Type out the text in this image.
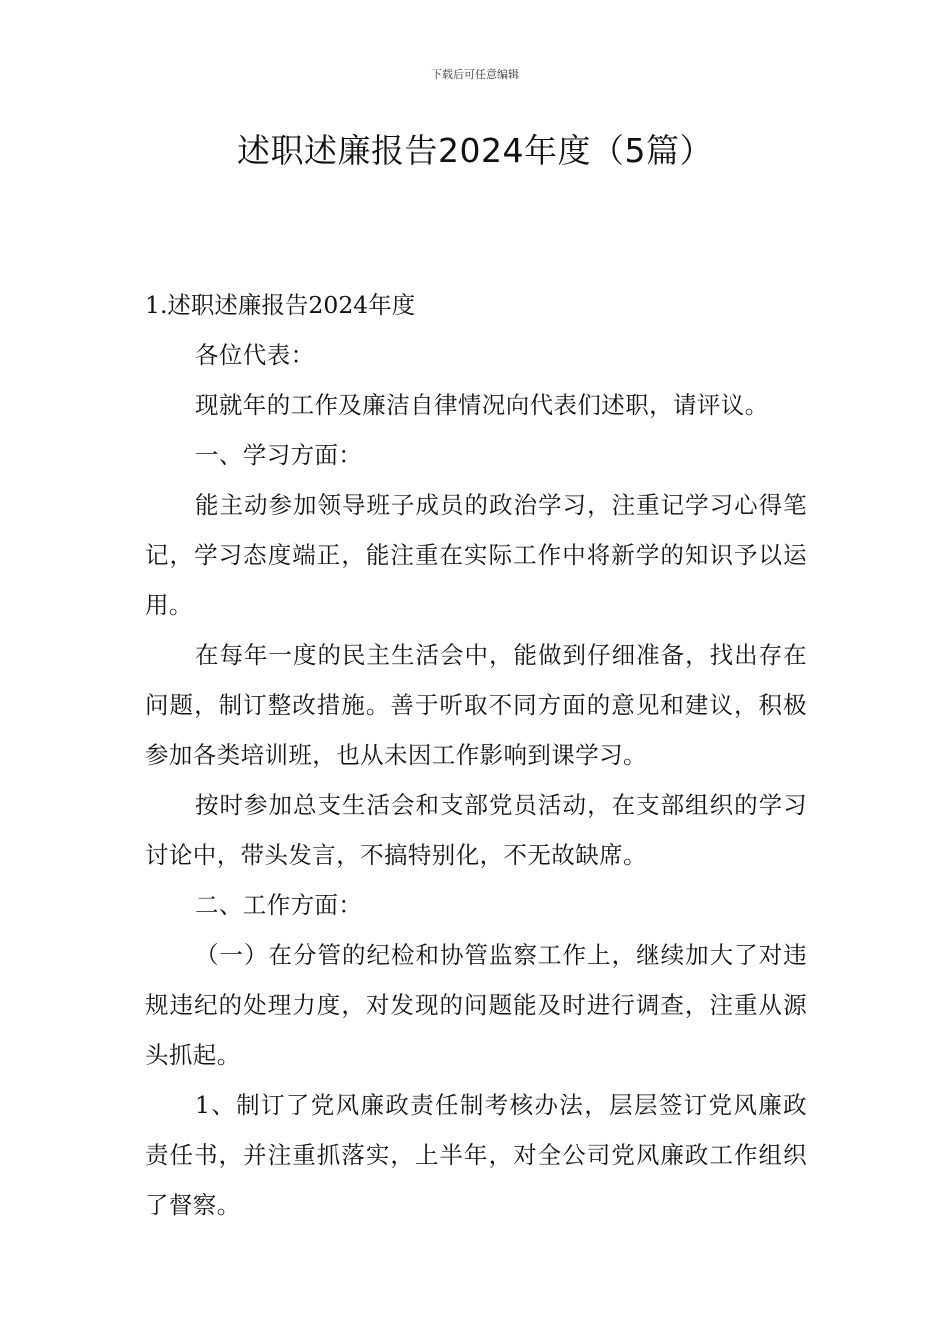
下载后可任意编辑
述职述廉报告2024年度（5篇）

1.述职述廉报告2024年度

各位代表：

现就年的工作及廉洁自律情况向代表们述职，请评议。

一、学习方面：

能主动参加领导班子成员的政治学习，注重记学习心得笔记，学习态度端正，能注重在实际工作中将新学的知识予以运用。

在每年一度的民主生活会中，能做到仔细准备，找出存在问题，制订整改措施。善于听取不同方面的意见和建议，积极参加各类培训班，也从未因工作影响到课学习。

按时参加总支生活会和支部党员活动，在支部组织的学习讨论中，带头发言，不搞特别化，不无故缺席。

二、工作方面：

（一）在分管的纪检和协管监察工作上，继续加大了对违规违纪的处理力度，对发现的问题能及时进行调查，注重从源头抓起。

1、制订了党风廉政责任制考核办法，层层签订党风廉政责任书，并注重抓落实，上半年，对全公司党风廉政工作组织了督察。
